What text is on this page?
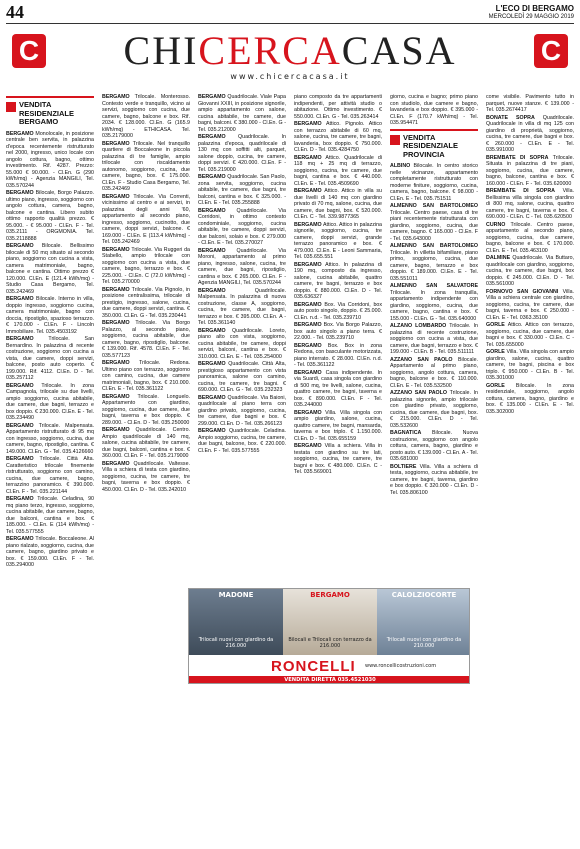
44	L'ECO DI BERGAMO
MERCOLEDÌ 29 MAGGIO 2019
C	CHICERCACASA	C
www.chicercacasa.it
VENDITA RESIDENZIALE BERGAMO

BERGAMO Monolocale, in posizione centrale ben servita, in palazzina d'epoca recentemente ristrutturato nel 2000, ingresso, unico locale con angolo cottura, bagno, ottimo investimento. Rif. 4287. Prezzo: 55.000 € 90.000. - Cl.En. G (290 kWh/mq) - Agenzia MANGILI, Tel. 035.570244

BERGAMO Bilocale, Borgo Palazzo. ultimo piano, ingresso, soggiorno con angolo cottura, camera, bagno, balcone e cantina. Libero subito ottimo rapporto qualità prezzo. € 95.000. - € 95.000 - Cl.En. F - Tel. 035.2111 - ORGMONIA. Tel. 035.2118888

BERGAMO Bilocale. Bellissimo bilocale di 50 mq situato al secondo piano, soggiorno con cucina a vista, camera matrimoniale, bagno, balcone e cantina. Ottimo prezzo € 120.000. Cl.En. E (121.4 kWh/mq) - Studio Casa Bergamo, Tel. 035.242469

BERGAMO Bilocale. Interno in villa, doppio ingresso, soggiorno cucina, camera matrimoniale, bagno con doccia, ripostiglio, spazioso terrazzo. € 170.000 - Cl.En. F - Lincoln Immobiliare. Tel. 035.4503192

BERGAMO Trilocale. San Bernardino. In palazzina di recente costruzione, soggiorno con cucina a vista, due camere, doppi servizi, balcone, posto auto coperto. € 199.000. Rif. 4112. Cl.En. D - Tel. 035.257112

BERGAMO Trilocale. In zona Campagnola, trilocale su due livelli, ampio soggiorno, cucina abitabile, due camere, due bagni, terrazzo e box doppio. € 230.000. Cl.En. E - Tel. 035.234490

BERGAMO Trilocale. Malpensata. Appartamento ristrutturato di 95 mq con ingresso, soggiorno, cucina, due camere, bagno, ripostiglio, cantina. € 149.000. Cl.En. G - Tel. 035.4126660

BERGAMO Trilocale. Città Alta. Caratteristico trilocale finemente ristrutturato, soggiorno con camino, cucina, due camere, bagno, terrazzino panoramico. € 390.000. Cl.En. F - Tel. 035.221144

BERGAMO Trilocale. Celadina, 90 mq piano terzo, ingresso, soggiorno, cucina abitabile, due camere, bagno, due balconi, cantina e box. € 185.000. - Cl.En. E (114 kWh/mq) - Tel. 035.577555

BERGAMO Trilocale. Boccaleone. Al piano rialzato, soggiorno, cucina, due camere, bagno, giardino privato e box. € 159.000. Cl.En. F - Tel. 035.294000

BERGAMO Trilocale. Monterosso. Contesto verde e tranquillo, vicino ai servizi, soggiorno con cucina, due camere, bagno, balcone e box. Rif. 2034. € 128.000. Cl.En. G (165.9 kWh/mq) - ETHICASA. Tel. 035.2179000

BERGAMO Trilocale. Nel tranquillo quartiere di Boccaleone in piccola palazzina di tre famiglie, ampio trilocale con riscaldamento autonomo, soggiorno, cucina, due camere, bagno, box. € 175.000. Cl.En. F - Studio Casa Bergamo, Tel. 035.242469

BERGAMO Trilocale. Via Correnti, vicinissimo al centro e ai servizi, in palazzina degli anni '60, appartamento al secondo piano, ingresso, soggiorno, cucinotto, due camere, doppi servizi, balcone. € 169.000 - Cl.En. E (113.4 kWh/mq) - Tel. 035.242469

BERGAMO Trilocale. Via Ruggeri da Stabello, ampio trilocale con soggiorno con cucina a vista, due camere, bagno, terrazzo e box. € 225.000. - Cl.En. C (72.0 kWh/mq) - Tel. 035.270000

BERGAMO Trilocale. Via Pignolo, in posizione centralissima, trilocale di prestigio, ingresso, salone, cucina, due camere, doppi servizi, cantina. € 350.000. Cl.En. G - Tel. 035.230441

BERGAMO Trilocale. Via Borgo Palazzo, al secondo piano, soggiorno, cucina abitabile, due camere, bagno, ripostiglio, balcone. € 139.000. Rif. 4578. Cl.En. F - Tel. 035.577123

BERGAMO Trilocale. Redona. Ultimo piano con terrazzo, soggiorno con camino, cucina, due camere matrimoniali, bagno, box. € 210.000. Cl.En. E - Tel. 035.361122

BERGAMO Trilocale. Longuelo. Appartamento con giardino, soggiorno, cucina, due camere, due bagni, taverna e box doppio. € 289.000. - Cl.En. D - Tel. 035.250000

BERGAMO Quadrilocale. Centro. Ampio quadrilocale di 140 mq, salone, cucina abitabile, tre camere, due bagni, balconi, cantina e box. € 360.000. Cl.En. F - Tel. 035.2179000

BERGAMO Quadrilocale. Valtesse. Villa a schiera di testa con giardino, soggiorno, cucina, tre camere, tre bagni, taverna e box doppio. € 450.000. Cl.En. D - Tel. 035.242010

BERGAMO Quadrilocale. Viale Papa Giovanni XXIII, in posizione signorile, ampio appartamento con salone, cucina abitabile, tre camere, due bagni, balconi. € 380.000 - Cl.En. G - Tel. 035.212000

BERGAMO Quadrilocale. In palazzina d'epoca, quadrilocale di 130 mq con soffitti alti, parquet, salone doppio, cucina, tre camere, doppi servizi. € 420.000. Cl.En. F - Tel. 035.219000

BERGAMO Quadrilocale. San Paolo, zona servita, soggiorno, cucina abitabile, tre camere, due bagni, tre balconi, cantina e box. € 325.000. - Cl.En. E - Tel. 035.255888

BERGAMO Quadrilocale. Via Corridoni, in ottimo contesto condominiale, soggiorno, cucina abitabile, tre camere, doppi servizi, due balconi, solaio e box. € 279.000 - Cl.En. E - Tel. 035.270027

BERGAMO Quadrilocale. Via Moroni, appartamento al primo piano, ingresso, salone, cucina, tre camere, due bagni, ripostiglio, cantina e box. € 265.000. Cl.En. F - Agenzia MANGILI, Tel. 035.570244

BERGAMO Quadrilocale. Malpensata. In palazzina di nuova costruzione, classe A, soggiorno, cucina, tre camere, due bagni, terrazzo e box. € 395.000. Cl.En. A - Tel. 035.361140

BERGAMO Quadrilocale. Loreto, piano alto con vista, soggiorno, cucina abitabile, tre camere, doppi servizi, balconi, cantina e box. € 310.000. Cl.En. E - Tel. 035.254000

BERGAMO Quadrilocale. Città Alta, prestigioso appartamento con vista panoramica, salone con camino, cucina, tre camere, tre bagni. € 690.000. Cl.En. G - Tel. 035.232323

BERGAMO Quadrilocale. Via Baioni, quadrilocale al piano terra con giardino privato, soggiorno, cucina, tre camere, due bagni e box. € 299.000. Cl.En. D - Tel. 035.266123

BERGAMO Quadrilocale. Celadina. Ampio soggiorno, cucina, tre camere, due bagni, balcone, box. € 220.000. Cl.En. F - Tel. 035.577555

piano composto da tre appartamenti indipendenti, per attività studio o abitazione. Ottimo investimento. € 550.000. Cl.En. G - Tel. 035.263414

BERGAMO Attico. Pignolo. Attico con terrazzo abitabile di 60 mq, salone, cucina, tre camere, tre bagni, lavanderia, box doppio. € 750.000. Cl.En. D - Tel. 035.4284750

BERGAMO Attico. Quadrilocale di 118 mq + 25 mq di terrazzo, soggiorno, cucina, tre camere, due bagni, cantina e box. € 440.000. Cl.En. E - Tel. 035.4509690

BERGAMO Attico. Attico in villa su due livelli di 140 mq con giardino privato di 70 mq, salone, cucina, due camere, due bagni, box. € 520.000. Cl.En. C - Tel. 339.9877365

BERGAMO Attico. Attico in palazzina signorile, soggiorno, cucina, tre camere, doppi servizi, grande terrazzo panoramico e box. € 479.000. Cl.En. E - Leoni Sammaria, Tel. 035.655.551

BERGAMO Attico. In palazzina di 190 mq, composto da ingresso, salone, cucina abitabile, quattro camere, tre bagni, terrazzo e box doppio. € 880.000. Cl.En. D - Tel. 035.636327

BERGAMO Box. Via Corridoni, box auto posto singolo, doppio. € 25.000. Cl.En. n.d. - Tel. 035.239710

BERGAMO Box. Via Borgo Palazzo, box auto singolo a piano terra. € 22.000. - Tel. 035.239710

BERGAMO Box. Box in zona Redona, con basculante motorizzata, piano interrato. € 28.000. Cl.En. n.d. - Tel. 035.361122

BERGAMO Casa indipendente. In via Suardi, casa singola con giardino di 500 mq, tre livelli, salone, cucina, quattro camere, tre bagni, taverna e box. € 890.000. Cl.En. F - Tel. 035.244000

BERGAMO Villa. Villa singola con ampio giardino, salone, cucina, quattro camere, tre bagni, mansarda, taverna e box triplo. € 1.150.000. Cl.En. D - Tel. 035.655159

BERGAMO Villa a schiera. Villa in testata con giardino su tre lati, soggiorno, cucina, tre camere, tre bagni e box. € 480.000. Cl.En. C - Tel. 035.569001

giorno, cucina e bagno; primo piano con studiolo, due camere e bagno, lavanderia e box doppio. € 395.000 - Cl.En. F (170.7 kWh/mq) - Tel. 035.954471

VENDITA RESIDENZIALE PROVINCIA

ALBINO Bilocale. In centro storico nelle vicinanze, appartamento completamente ristrutturato con moderne finiture, soggiorno, cucina, camera, bagno, balcone. € 98.000 - Cl.En. E - Tel. 035.751511

ALMENNO SAN BARTOLOMEO Trilocale. Centro paese, casa di tre piani recentemente ristrutturata con giardino, soggiorno, cucina, due camere, bagno. € 165.000 - Cl.En. F - Tel. 035.643000

ALMENNO SAN BARTOLOMEO Trilocale. In villetta bifamiliare, piano primo, soggiorno, cucina, due camere, bagno, terrazzo e box doppio. € 189.000. Cl.En. E - Tel. 035.551011

ALMENNO SAN SALVATORE Trilocale. In zona tranquilla, appartamento indipendente con giardino, soggiorno, cucina, due camere, bagno, cantina e box. € 155.000 - Cl.En. G - Tel. 035.640000

ALZANO LOMBARDO Trilocale. In palazzina di recente costruzione, soggiorno con cucina a vista, due camere, due bagni, terrazzo e box. € 199.000 - Cl.En. B - Tel. 035.511111

AZZANO SAN PAOLO Bilocale. Appartamento al primo piano, soggiorno, angolo cottura, camera, bagno, balcone e box. € 110.000. Cl.En. E - Tel. 035.532500

AZZANO SAN PAOLO Trilocale. In palazzina signorile, ampio trilocale con giardino privato, soggiorno, cucina, due camere, due bagni, box. € 215.000. Cl.En. D - Tel. 035.532600

BAGNATICA Bilocale. Nuova costruzione, soggiorno con angolo cottura, camera, bagno, giardino e posto auto. € 139.000 - Cl.En. A - Tel. 035.681000

BOLTIERE Villa. Villa a schiera di testa, soggiorno, cucina abitabile, tre camere, tre bagni, taverna, giardino e box doppio. € 320.000 - Cl.En. D - Tel. 035.806100

come visibile. Pavimento tutto in parquet, nuove stanze. € 139.000 - Tel. 035.2674417

BONATE SOPRA Quadrilocale. Quadrilocale in villa di mq 125 con giardino di proprietà, soggiorno, cucina, tre camere, due bagni e box. € 260.000 - Cl.En. E - Tel. 035.991000

BREMBATE DI SOPRA Trilocale. Situata in palazzina di tre piani, soggiorno, cucina, due camere, bagno, balcone, cantina e box. € 160.000 - Cl.En. F - Tel. 035.620000

BREMBATE DI SOPRA Villa. Bellissima villa singola con giardino di 800 mq, salone, cucina, quattro camere, tre bagni, taverna e box. € 690.000 - Cl.En. C - Tel. 035.620500

CURNO Trilocale. Centro paese, appartamento al secondo piano, soggiorno, cucina, due camere, bagno, balcone e box. € 170.000. Cl.En. E - Tel. 035.463100

DALMINE Quadrilocale. Via Buttaro, quadrilocale con giardino, soggiorno, cucina, tre camere, due bagni, box doppio. € 245.000. Cl.En. D - Tel. 035.561000

FORNOVO SAN GIOVANNI Villa. Villa a schiera centrale con giardino, soggiorno, cucina, tre camere, due bagni, taverna e box. € 250.000 - Cl.En. E - Tel. 0363.35100

GORLE Attico. Attico con terrazzo, soggiorno, cucina, due camere, due bagni e box. € 330.000 - Cl.En. C - Tel. 035.655000

GORLE Villa. Villa singola con ampio giardino, salone, cucina, quattro camere, tre bagni, piscina e box triplo. € 950.000 - Cl.En. B - Tel. 035.301000

GORLE Bilocale. In zona residenziale, soggiorno, angolo cottura, camera, bagno, giardino e box. € 135.000 - Cl.En. E - Tel. 035.302000

MADONE	BERGAMO	CALOLZIOCORTE
Trilocali nuovi con giardino da 216.000
Bilocali e Trilocali con terrazzo da 216.000
Trilocali nuovi con giardino da 210.000
RONCELLI www.roncellicostruzioni.com
VENDITA DIRETTA 035.4521030
